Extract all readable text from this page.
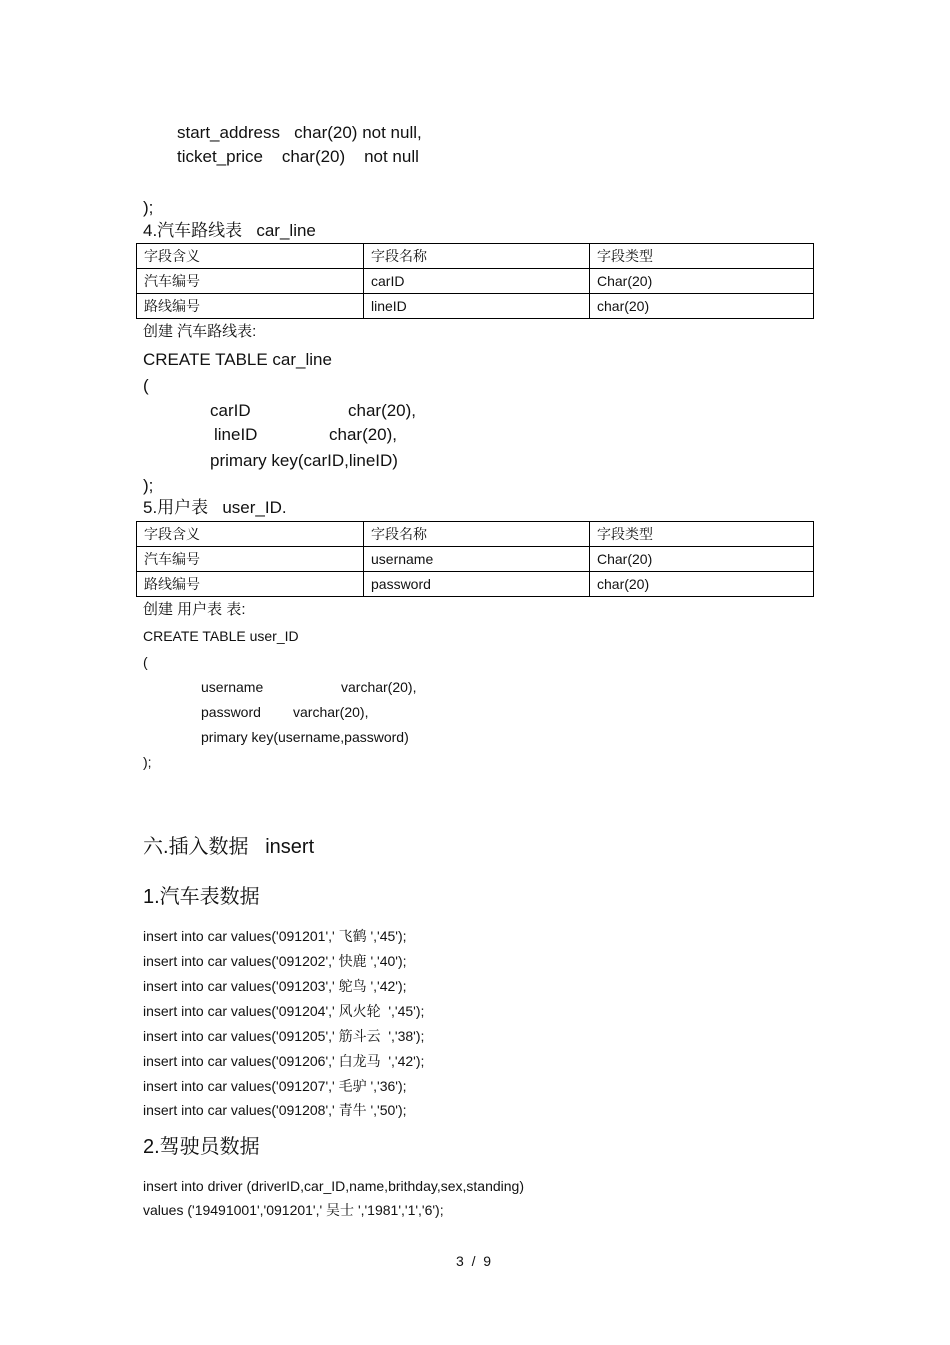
start_address   char(20) not null,
ticket_price    char(20)    not null
);
4.汽车路线表   car_line
字段含义	字段名称	字段类型
汽车编号	carID	Char(20)
路线编号	lineID	char(20)
创建 汽车路线表:
CREATE TABLE car_line
(
carID	char(20),
lineID	char(20),
primary key(carID,lineID)
);
5.用户表   user_ID.
字段含义	字段名称	字段类型
汽车编号	username	Char(20)
路线编号	password	char(20)
创建 用户表 表:
CREATE TABLE user_ID
(
username	varchar(20),
password varchar(20),
primary key(username,password)
);
六.插入数据   insert
1.汽车表数据
insert into car values('091201',' 飞鹤 ','45');
insert into car values('091202',' 快鹿 ','40');
insert into car values('091203',' 鸵鸟 ','42');
insert into car values('091204',' 风火轮  ','45');
insert into car values('091205',' 筋斗云  ','38');
insert into car values('091206',' 白龙马  ','42');
insert into car values('091207',' 毛驴 ','36');
insert into car values('091208',' 青牛 ','50');
2.驾驶员数据
insert into driver (driverID,car_ID,name,brithday,sex,standing)
values ('19491001','091201',' 吴士 ','1981','1','6');
3  /  9
